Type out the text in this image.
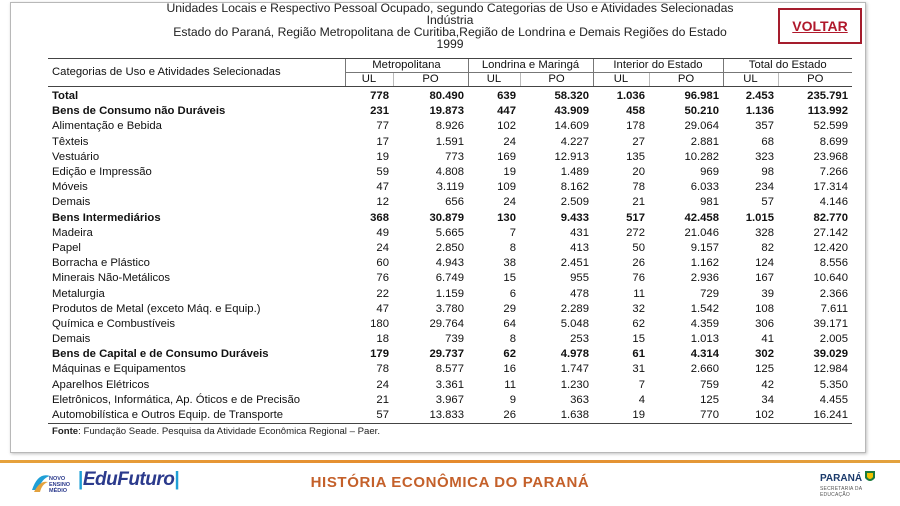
Unidades Locais e Respectivo Pessoal Ocupado, segundo Categorias de Uso e Atividades Selecionadas
Indústria
Estado do Paraná, Região Metropolitana de Curitiba,Região de Londrina e Demais Regiões do Estado
1999
VOLTAR
Categorias de Uso e Atividades Selecionadas	Metropolitana		Londrina e Maringá		Interior do Estado		Total do Estado	
	UL	PO	UL	PO	UL	PO	UL	PO
Total	778	80.490	639	58.320	1.036	96.981	2.453	235.791
Bens de Consumo não Duráveis	231	19.873	447	43.909	458	50.210	1.136	113.992
Alimentação e Bebida	77	8.926	102	14.609	178	29.064	357	52.599
Têxteis	17	1.591	24	4.227	27	2.881	68	8.699
Vestuário	19	773	169	12.913	135	10.282	323	23.968
Edição e Impressão	59	4.808	19	1.489	20	969	98	7.266
Móveis	47	3.119	109	8.162	78	6.033	234	17.314
Demais	12	656	24	2.509	21	981	57	4.146
Bens Intermediários	368	30.879	130	9.433	517	42.458	1.015	82.770
Madeira	49	5.665	7	431	272	21.046	328	27.142
Papel	24	2.850	8	413	50	9.157	82	12.420
Borracha e Plástico	60	4.943	38	2.451	26	1.162	124	8.556
Minerais Não-Metálicos	76	6.749	15	955	76	2.936	167	10.640
Metalurgia	22	1.159	6	478	11	729	39	2.366
Produtos de Metal (exceto Máq. e Equip.)	47	3.780	29	2.289	32	1.542	108	7.611
Química e Combustíveis	180	29.764	64	5.048	62	4.359	306	39.171
Demais	18	739	8	253	15	1.013	41	2.005
Bens de Capital e de Consumo Duráveis	179	29.737	62	4.978	61	4.314	302	39.029
Máquinas e Equipamentos	78	8.577	16	1.747	31	2.660	125	12.984
Aparelhos Elétricos	24	3.361	11	1.230	7	759	42	5.350
Eletrônicos, Informática, Ap. Óticos e de Precisão	21	3.967	9	363	4	125	34	4.455
Automobilística e Outros Equip. de Transporte	57	13.833	26	1.638	19	770	102	16.241
Fonte: Fundação Seade. Pesquisa da Atividade Econômica Regional – Paer.
NOVO
ENSINO
MÉDIO
|EduFuturo|	HISTÓRIA ECONÔMICA DO PARANÁ	PARANÁ
SECRETARIA DA EDUCAÇÃO
